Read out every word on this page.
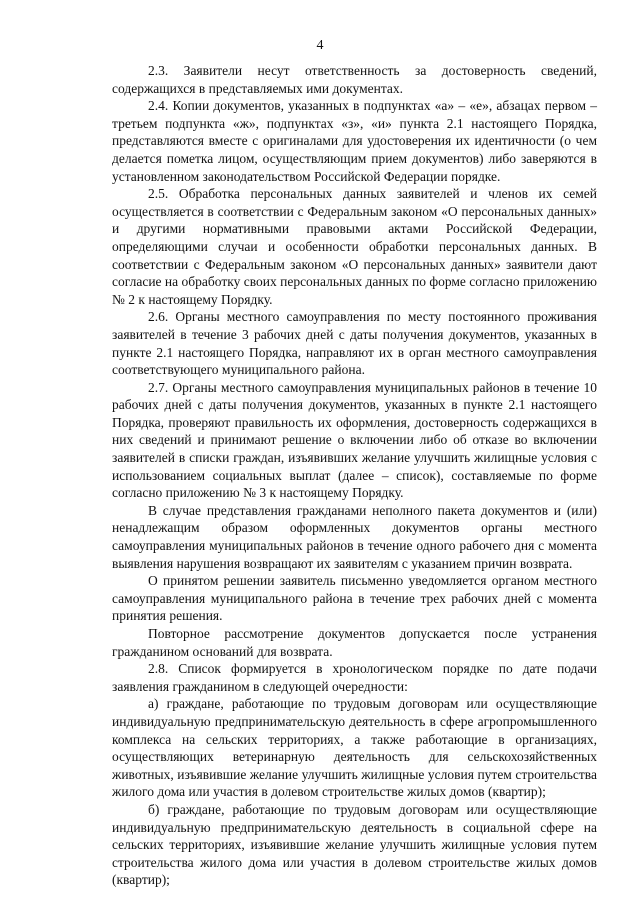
4

2.3. Заявители несут ответственность за достоверность сведений, содержащихся в представляемых ими документах.

2.4. Копии документов, указанных в подпунктах «а» – «е», абзацах первом – третьем подпункта «ж», подпунктах «з», «и» пункта 2.1 настоящего Порядка, представляются вместе с оригиналами для удостоверения их идентичности (о чем делается пометка лицом, осуществляющим прием документов) либо заверяются в установленном законодательством Российской Федерации порядке.

2.5. Обработка персональных данных заявителей и членов их семей осуществляется в соответствии с Федеральным законом «О персональных данных» и другими нормативными правовыми актами Российской Федерации, определяющими случаи и особенности обработки персональных данных. В соответствии с Федеральным законом «О персональных данных» заявители дают согласие на обработку своих персональных данных по форме согласно приложению № 2 к настоящему Порядку.

2.6. Органы местного самоуправления по месту постоянного проживания заявителей в течение 3 рабочих дней с даты получения документов, указанных в пункте 2.1 настоящего Порядка, направляют их в орган местного самоуправления соответствующего муниципального района.

2.7. Органы местного самоуправления муниципальных районов в течение 10 рабочих дней с даты получения документов, указанных в пункте 2.1 настоящего Порядка, проверяют правильность их оформления, достоверность содержащихся в них сведений и принимают решение о включении либо об отказе во включении заявителей в списки граждан, изъявивших желание улучшить жилищные условия с использованием социальных выплат (далее – список), составляемые по форме согласно приложению № 3 к настоящему Порядку.

В случае представления гражданами неполного пакета документов и (или) ненадлежащим образом оформленных документов органы местного самоуправления муниципальных районов в течение одного рабочего дня с момента выявления нарушения возвращают их заявителям с указанием причин возврата.

О принятом решении заявитель письменно уведомляется органом местного самоуправления муниципального района в течение трех рабочих дней с момента принятия решения.

Повторное рассмотрение документов допускается после устранения гражданином оснований для возврата.

2.8. Список формируется в хронологическом порядке по дате подачи заявления гражданином в следующей очередности:

а) граждане, работающие по трудовым договорам или осуществляющие индивидуальную предпринимательскую деятельность в сфере агропромышленного комплекса на сельских территориях, а также работающие в организациях, осуществляющих ветеринарную деятельность для сельскохозяйственных животных, изъявившие желание улучшить жилищные условия путем строительства жилого дома или участия в долевом строительстве жилых домов (квартир);

б) граждане, работающие по трудовым договорам или осуществляющие индивидуальную предпринимательскую деятельность в социальной сфере на сельских территориях, изъявившие желание улучшить жилищные условия путем строительства жилого дома или участия в долевом строительстве жилых домов (квартир);
